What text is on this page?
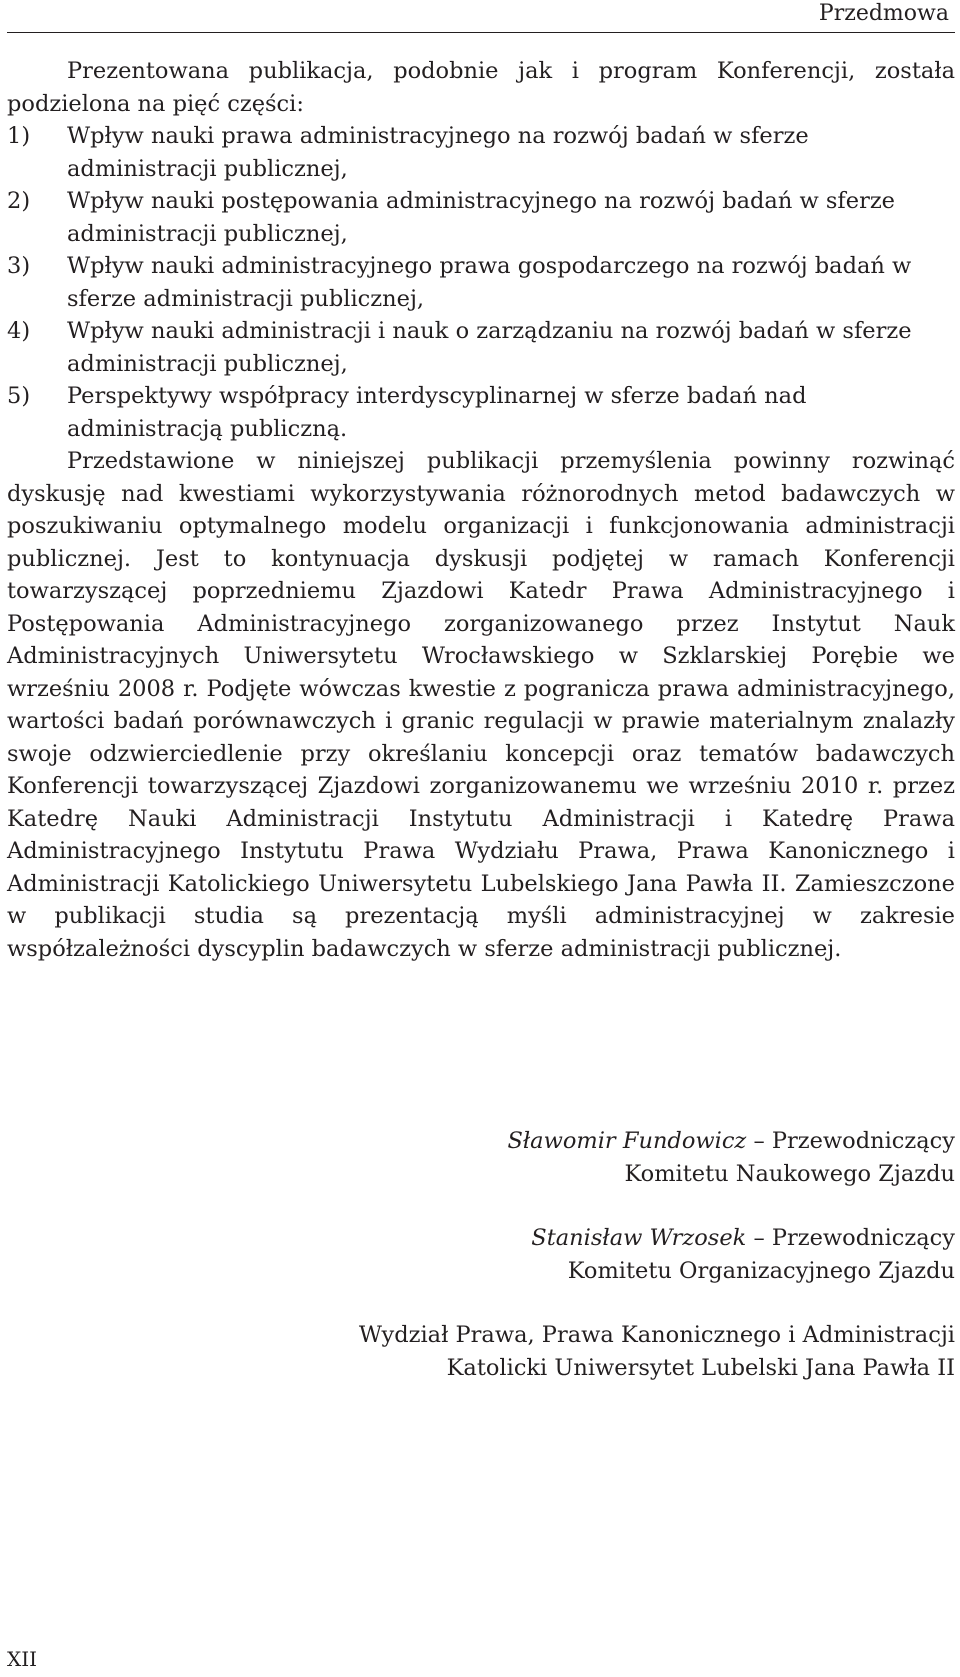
Przedmowa

Prezentowana publikacja, podobnie jak i program Konferencji, została podzielona na pięć części:

1) Wpływ nauki prawa administracyjnego na rozwój badań w sferze administracji publicznej,
2) Wpływ nauki postępowania administracyjnego na rozwój badań w sferze administracji publicznej,
3) Wpływ nauki administracyjnego prawa gospodarczego na rozwój badań w sferze administracji publicznej,
4) Wpływ nauki administracji i nauk o zarządzaniu na rozwój badań w sferze administracji publicznej,
5) Perspektywy współpracy interdyscyplinarnej w sferze badań nad administracją publiczną.

Przedstawione w niniejszej publikacji przemyślenia powinny rozwinąć dyskusję nad kwestiami wykorzystywania różnorodnych metod badawczych w poszukiwaniu optymalnego modelu organizacji i funkcjonowania administracji publicznej. Jest to kontynuacja dyskusji podjętej w ramach Konferencji towarzyszącej poprzedniemu Zjazdowi Katedr Prawa Administracyjnego i Postępowania Administracyjnego zorganizowanego przez Instytut Nauk Administracyjnych Uniwersytetu Wrocławskiego w Szklarskiej Porębie we wrześniu 2008 r. Podjęte wówczas kwestie z pogranicza prawa administracyjnego, wartości badań porównawczych i granic regulacji w prawie materialnym znalazły swoje odzwierciedlenie przy określaniu koncepcji oraz tematów badawczych Konferencji towarzyszącej Zjazdowi zorganizowanemu we wrześniu 2010 r. przez Katedrę Nauki Administracji Instytutu Administracji i Katedrę Prawa Administracyjnego Instytutu Prawa Wydziału Prawa, Prawa Kanonicznego i Administracji Katolickiego Uniwersytetu Lubelskiego Jana Pawła II. Zamieszczone w publikacji studia są prezentacją myśli administracyjnej w zakresie współzależności dyscyplin badawczych w sferze administracji publicznej.

Sławomir Fundowicz – Przewodniczący
Komitetu Naukowego Zjazdu
Stanisław Wrzosek – Przewodniczący
Komitetu Organizacyjnego Zjazdu
Wydział Prawa, Prawa Kanonicznego i Administracji
Katolicki Uniwersytet Lubelski Jana Pawła II
XII
